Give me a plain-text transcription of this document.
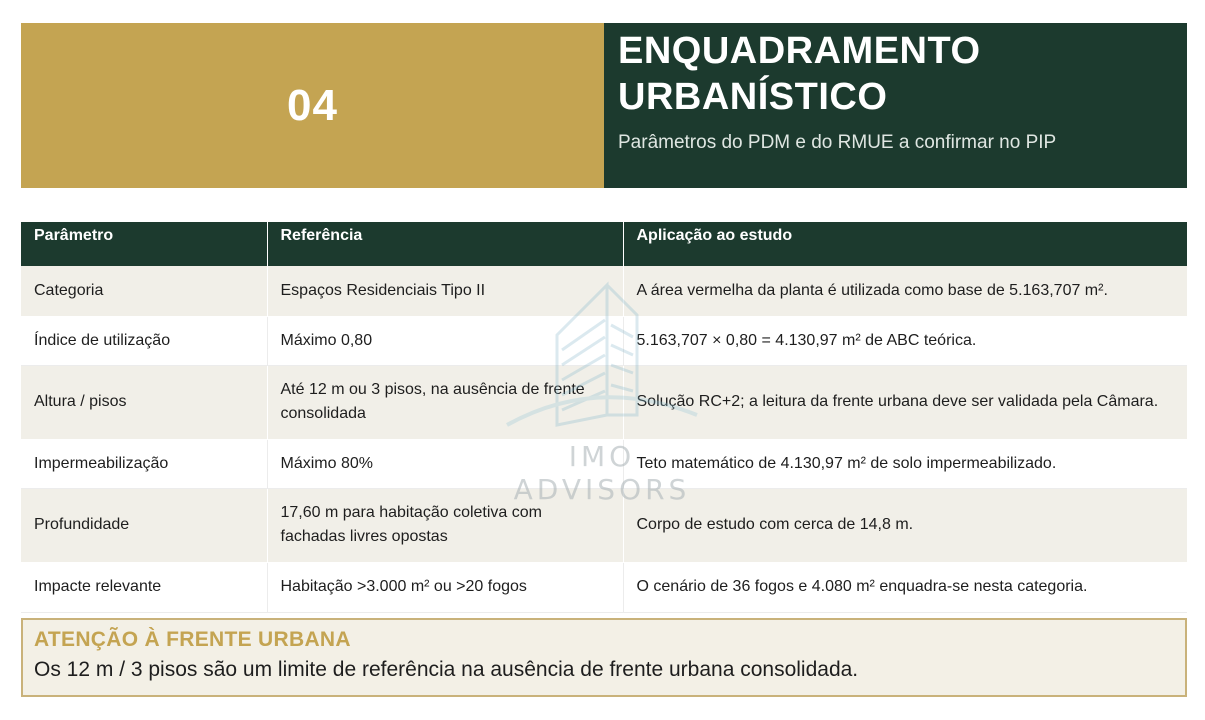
04
ENQUADRAMENTO
URBANÍSTICO
Parâmetros do PDM e do RMUE a confirmar no PIP
Parâmetro	Referência	Aplicação ao estudo
Categoria	Espaços Residenciais Tipo II	A área vermelha da planta é utilizada como base de 5.163,707 m².
Índice de utilização	Máximo 0,80	5.163,707 × 0,80 = 4.130,97 m² de ABC teórica.
Altura / pisos	Até 12 m ou 3 pisos, na ausência de frente consolidada	Solução RC+2; a leitura da frente urbana deve ser validada pela Câmara.
Impermeabilização	Máximo 80%	Teto matemático de 4.130,97 m² de solo impermeabilizado.
Profundidade	17,60 m para habitação coletiva com fachadas livres opostas	Corpo de estudo com cerca de 14,8 m.
Impacte relevante	Habitação >3.000 m² ou >20 fogos	O cenário de 36 fogos e 4.080 m² enquadra-se nesta categoria.
IMO ADVISORS
ATENÇÃO À FRENTE URBANA
Os 12 m / 3 pisos são um limite de referência na ausência de frente urbana consolidada.
